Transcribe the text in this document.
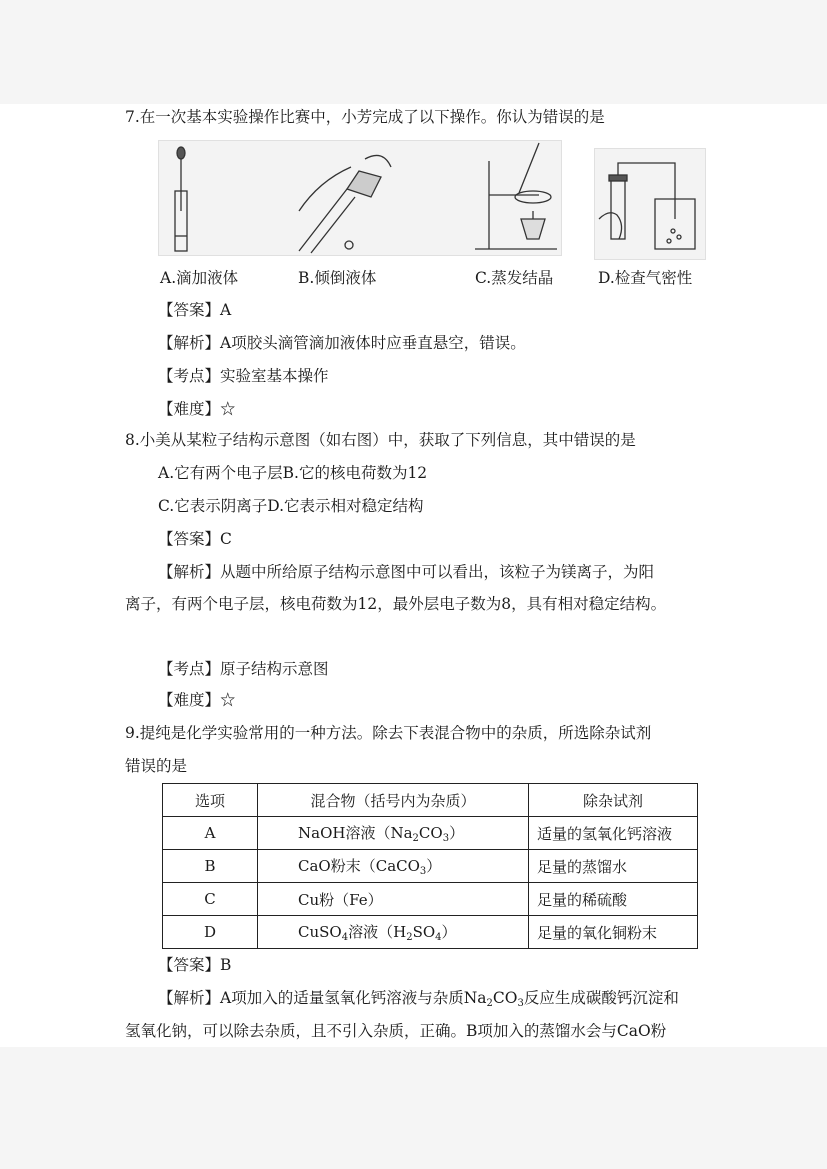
7.在一次基本实验操作比赛中，小芳完成了以下操作。你认为错误的是
A.滴加液体	B.倾倒液体	C.蒸发结晶	D.检查气密性
【答案】A
【解析】A项胶头滴管滴加液体时应垂直悬空，错误。
【考点】实验室基本操作
【难度】☆
8.小美从某粒子结构示意图（如右图）中，获取了下列信息，其中错误的是
A.它有两个电子层B.它的核电荷数为12
C.它表示阴离子D.它表示相对稳定结构
【答案】C
【解析】从题中所给原子结构示意图中可以看出，该粒子为镁离子，为阳
离子，有两个电子层，核电荷数为12，最外层电子数为8，具有相对稳定结构。
【考点】原子结构示意图
【难度】☆
9.提纯是化学实验常用的一种方法。除去下表混合物中的杂质，所选除杂试剂
错误的是
选项	混合物（括号内为杂质）	除杂试剂
A	NaOH溶液$(Na_2CO_3)$	适量的氢氧化钙溶液
B	CaO粉末（CaCO$_3$）	足量的蒸馏水
C	Cu粉（Fe）	足量的稀硫酸
D	CuSO$_4$溶液$(H_2SO_4)$	足量的氧化铜粉末
【答案】B
【解析】A项加入的适量氢氧化钙溶液与杂质$Na_2CO_3$反应生成碳酸钙沉淀和
氢氧化钠，可以除去杂质，且不引入杂质，正确。B项加入的蒸馏水会与CaO粉
